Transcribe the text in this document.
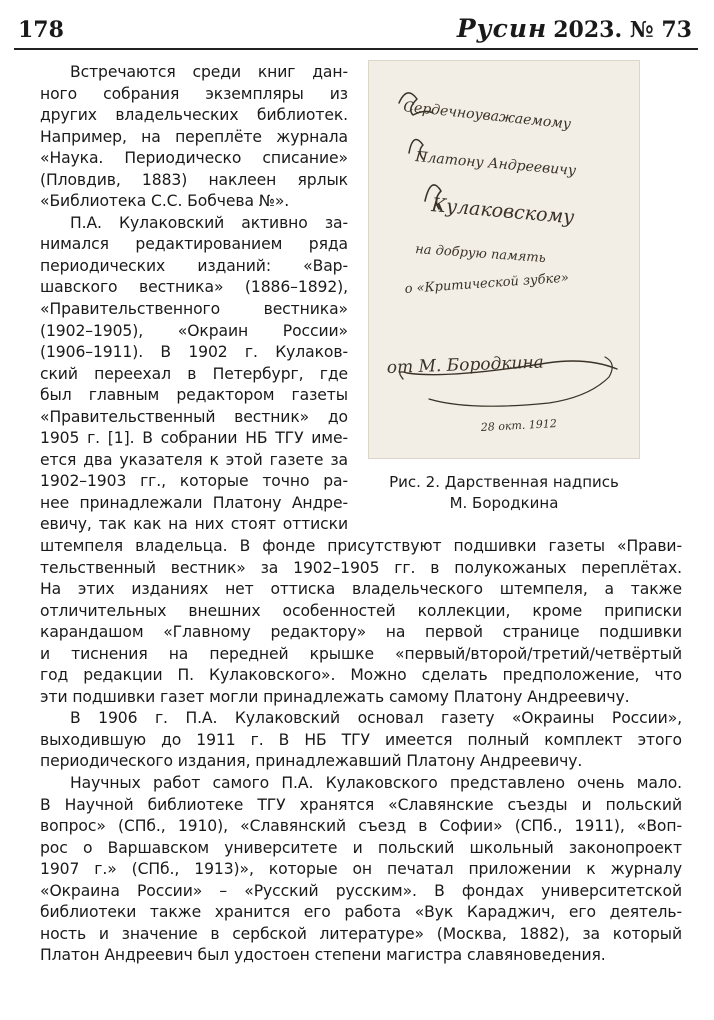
178	Русин 2023. № 73
Встречаются среди книг дан-
ного собрания экземпляры из
других владельческих библиотек.
Например, на переплёте журнала
«Наука. Периодическо списание»
(Пловдив, 1883) наклеен ярлык
«Библиотека С.С. Бобчева №».
П.А. Кулаковский активно за-
нимался редактированием ряда
периодических изданий: «Вар-
шавского вестника» (1886–1892),
«Правительственного вестника»
(1902–1905), «Окраин России»
(1906–1911). В 1902 г. Кулаков-
ский переехал в Петербург, где
был главным редактором газеты
«Правительственный вестник» до
1905 г. [1]. В собрании НБ ТГУ име-
ется два указателя к этой газете за
1902–1903 гг., которые точно ра-
нее принадлежали Платону Андре-
евичу, так как на них стоят оттиски
Сердечноуважаемому
Платону Андреевичу
Кулаковскому
на добрую память
о «Критической зубке»
от М. Бородкина
28 окт. 1912
Рис. 2. Дарственная надпись
М. Бородкина
штемпеля владельца. В фонде присутствуют подшивки газеты «Прави-
тельственный вестник» за 1902–1905 гг. в полукожаных переплётах.
На этих изданиях нет оттиска владельческого штемпеля, а также
отличительных внешних особенностей коллекции, кроме приписки
карандашом «Главному редактору» на первой странице подшивки
и тиснения на передней крышке «первый/второй/третий/четвёртый
год редакции П. Кулаковского». Можно сделать предположение, что
эти подшивки газет могли принадлежать самому Платону Андреевичу.
В 1906 г. П.А. Кулаковский основал газету «Окраины России»,
выходившую до 1911 г. В НБ ТГУ имеется полный комплект этого
периодического издания, принадлежавший Платону Андреевичу.
Научных работ самого П.А. Кулаковского представлено очень мало.
В Научной библиотеке ТГУ хранятся «Славянские съезды и польский
вопрос» (СПб., 1910), «Славянский съезд в Софии» (СПб., 1911), «Воп-
рос о Варшавском университете и польский школьный законопроект
1907 г.» (СПб., 1913)», которые он печатал приложении к журналу
«Окраина России» – «Русский русским». В фондах университетской
библиотеки также хранится его работа «Вук Караджич, его деятель-
ность и значение в сербской литературе» (Москва, 1882), за который
Платон Андреевич был удостоен степени магистра славяноведения.
